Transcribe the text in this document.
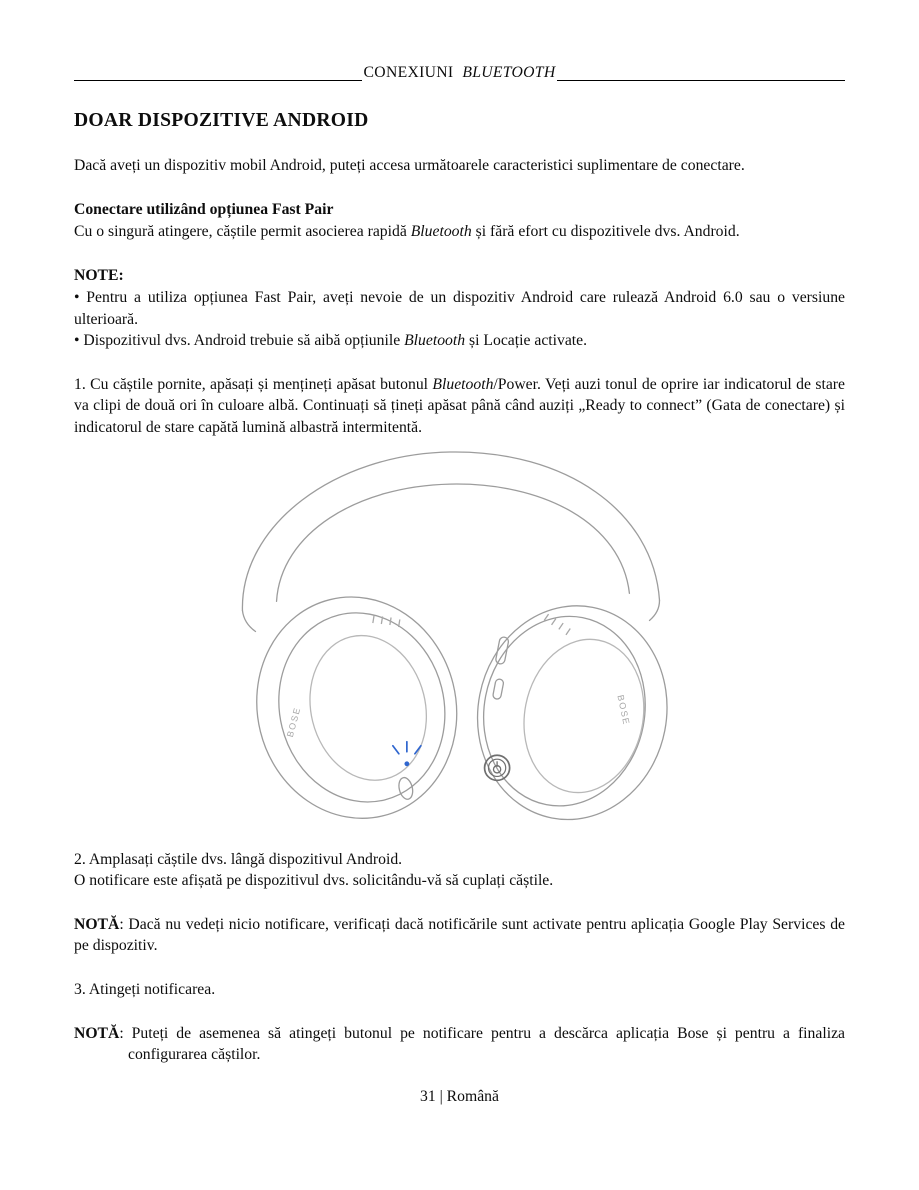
CONEXIUNI BLUETOOTH
DOAR DISPOZITIVE ANDROID

Dacă aveți un dispozitiv mobil Android, puteți accesa următoarele caracteristici suplimentare de conectare.

Conectare utilizând opțiunea Fast Pair

Cu o singură atingere, căștile permit asocierea rapidă Bluetooth și fără efort cu dispozitivele dvs. Android.

NOTE:

• Pentru a utiliza opțiunea Fast Pair, aveți nevoie de un dispozitiv Android care rulează Android 6.0 sau o versiune ulterioară.

• Dispozitivul dvs. Android trebuie să aibă opțiunile Bluetooth și Locație activate.

1. Cu căștile pornite, apăsați și mențineți apăsat butonul Bluetooth/Power. Veți auzi tonul de oprire iar indicatorul de stare va clipi de două ori în culoare albă. Continuați să țineți apăsat până când auziți „Ready to connect” (Gata de conectare) și indicatorul de stare capătă lumină albastră intermitentă.

BOSE	BOSE

2. Amplasați căștile dvs. lângă dispozitivul Android.

O notificare este afișată pe dispozitivul dvs. solicitându-vă să cuplați căștile.

NOTĂ: Dacă nu vedeți nicio notificare, verificați dacă notificările sunt activate pentru aplicația Google Play Services de pe dispozitiv.

3. Atingeți notificarea.

NOTĂ: Puteți de asemenea să atingeți butonul pe notificare pentru a descărca aplicația Bose și pentru a finaliza configurarea căștilor.

31 | Română
